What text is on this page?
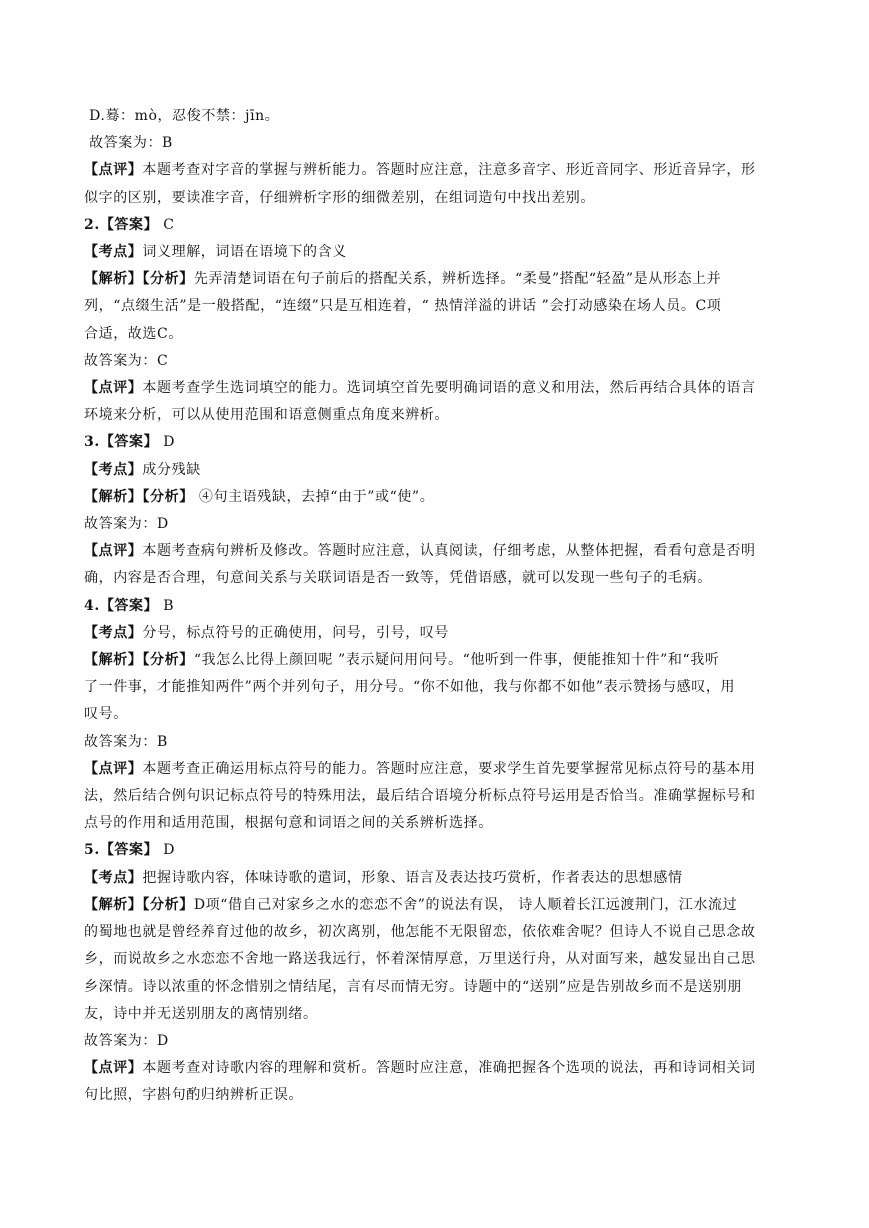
D.蓦：mò，忍俊不禁：jīn。

故答案为：B

【点评】本题考查对字音的掌握与辨析能力。答题时应注意，注意多音字、形近音同字、形近音异字，形

似字的区别，要读准字音，仔细辨析字形的细微差别，在组词造句中找出差别。

2.【答案】 C

【考点】词义理解，词语在语境下的含义

【解析】【分析】先弄清楚词语在句子前后的搭配关系，辨析选择。“柔曼”搭配“轻盈”是从形态上并

列，“点缀生活”是一般搭配，“连缀”只是互相连着，“ 热情洋溢的讲话 ”会打动感染在场人员。C项

合适，故选C。

故答案为：C

【点评】本题考查学生选词填空的能力。选词填空首先要明确词语的意义和用法，然后再结合具体的语言

环境来分析，可以从使用范围和语意侧重点角度来辨析。

3.【答案】 D

【考点】成分残缺

【解析】【分析】 ④句主语残缺，去掉“由于”或“使”。

故答案为：D

【点评】本题考查病句辨析及修改。答题时应注意，认真阅读，仔细考虑，从整体把握，看看句意是否明

确，内容是否合理，句意间关系与关联词语是否一致等，凭借语感，就可以发现一些句子的毛病。

4.【答案】 B

【考点】分号，标点符号的正确使用，问号，引号，叹号

【解析】【分析】“我怎么比得上颜回呢 ”表示疑问用问号。“他听到一件事，便能推知十件”和“我听

了一件事，才能推知两件”两个并列句子，用分号。“你不如他，我与你都不如他”表示赞扬与感叹，用

叹号。

故答案为：B

【点评】本题考查正确运用标点符号的能力。答题时应注意，要求学生首先要掌握常见标点符号的基本用

法，然后结合例句识记标点符号的特殊用法，最后结合语境分析标点符号运用是否恰当。准确掌握标号和

点号的作用和适用范围，根据句意和词语之间的关系辨析选择。

5.【答案】 D

【考点】把握诗歌内容，体味诗歌的遣词，形象、语言及表达技巧赏析，作者表达的思想感情

【解析】【分析】D项“借自己对家乡之水的恋恋不舍”的说法有误， 诗人顺着长江远渡荆门，江水流过

的蜀地也就是曾经养育过他的故乡，初次离别，他怎能不无限留恋，依依难舍呢？但诗人不说自己思念故

乡，而说故乡之水恋恋不舍地一路送我远行，怀着深情厚意，万里送行舟，从对面写来，越发显出自己思

乡深情。诗以浓重的怀念惜别之情结尾，言有尽而情无穷。诗题中的“送别”应是告别故乡而不是送别朋

友，诗中并无送别朋友的离情别绪。

故答案为：D

【点评】本题考查对诗歌内容的理解和赏析。答题时应注意，准确把握各个选项的说法，再和诗词相关词

句比照，字斟句酌归纳辨析正误。
